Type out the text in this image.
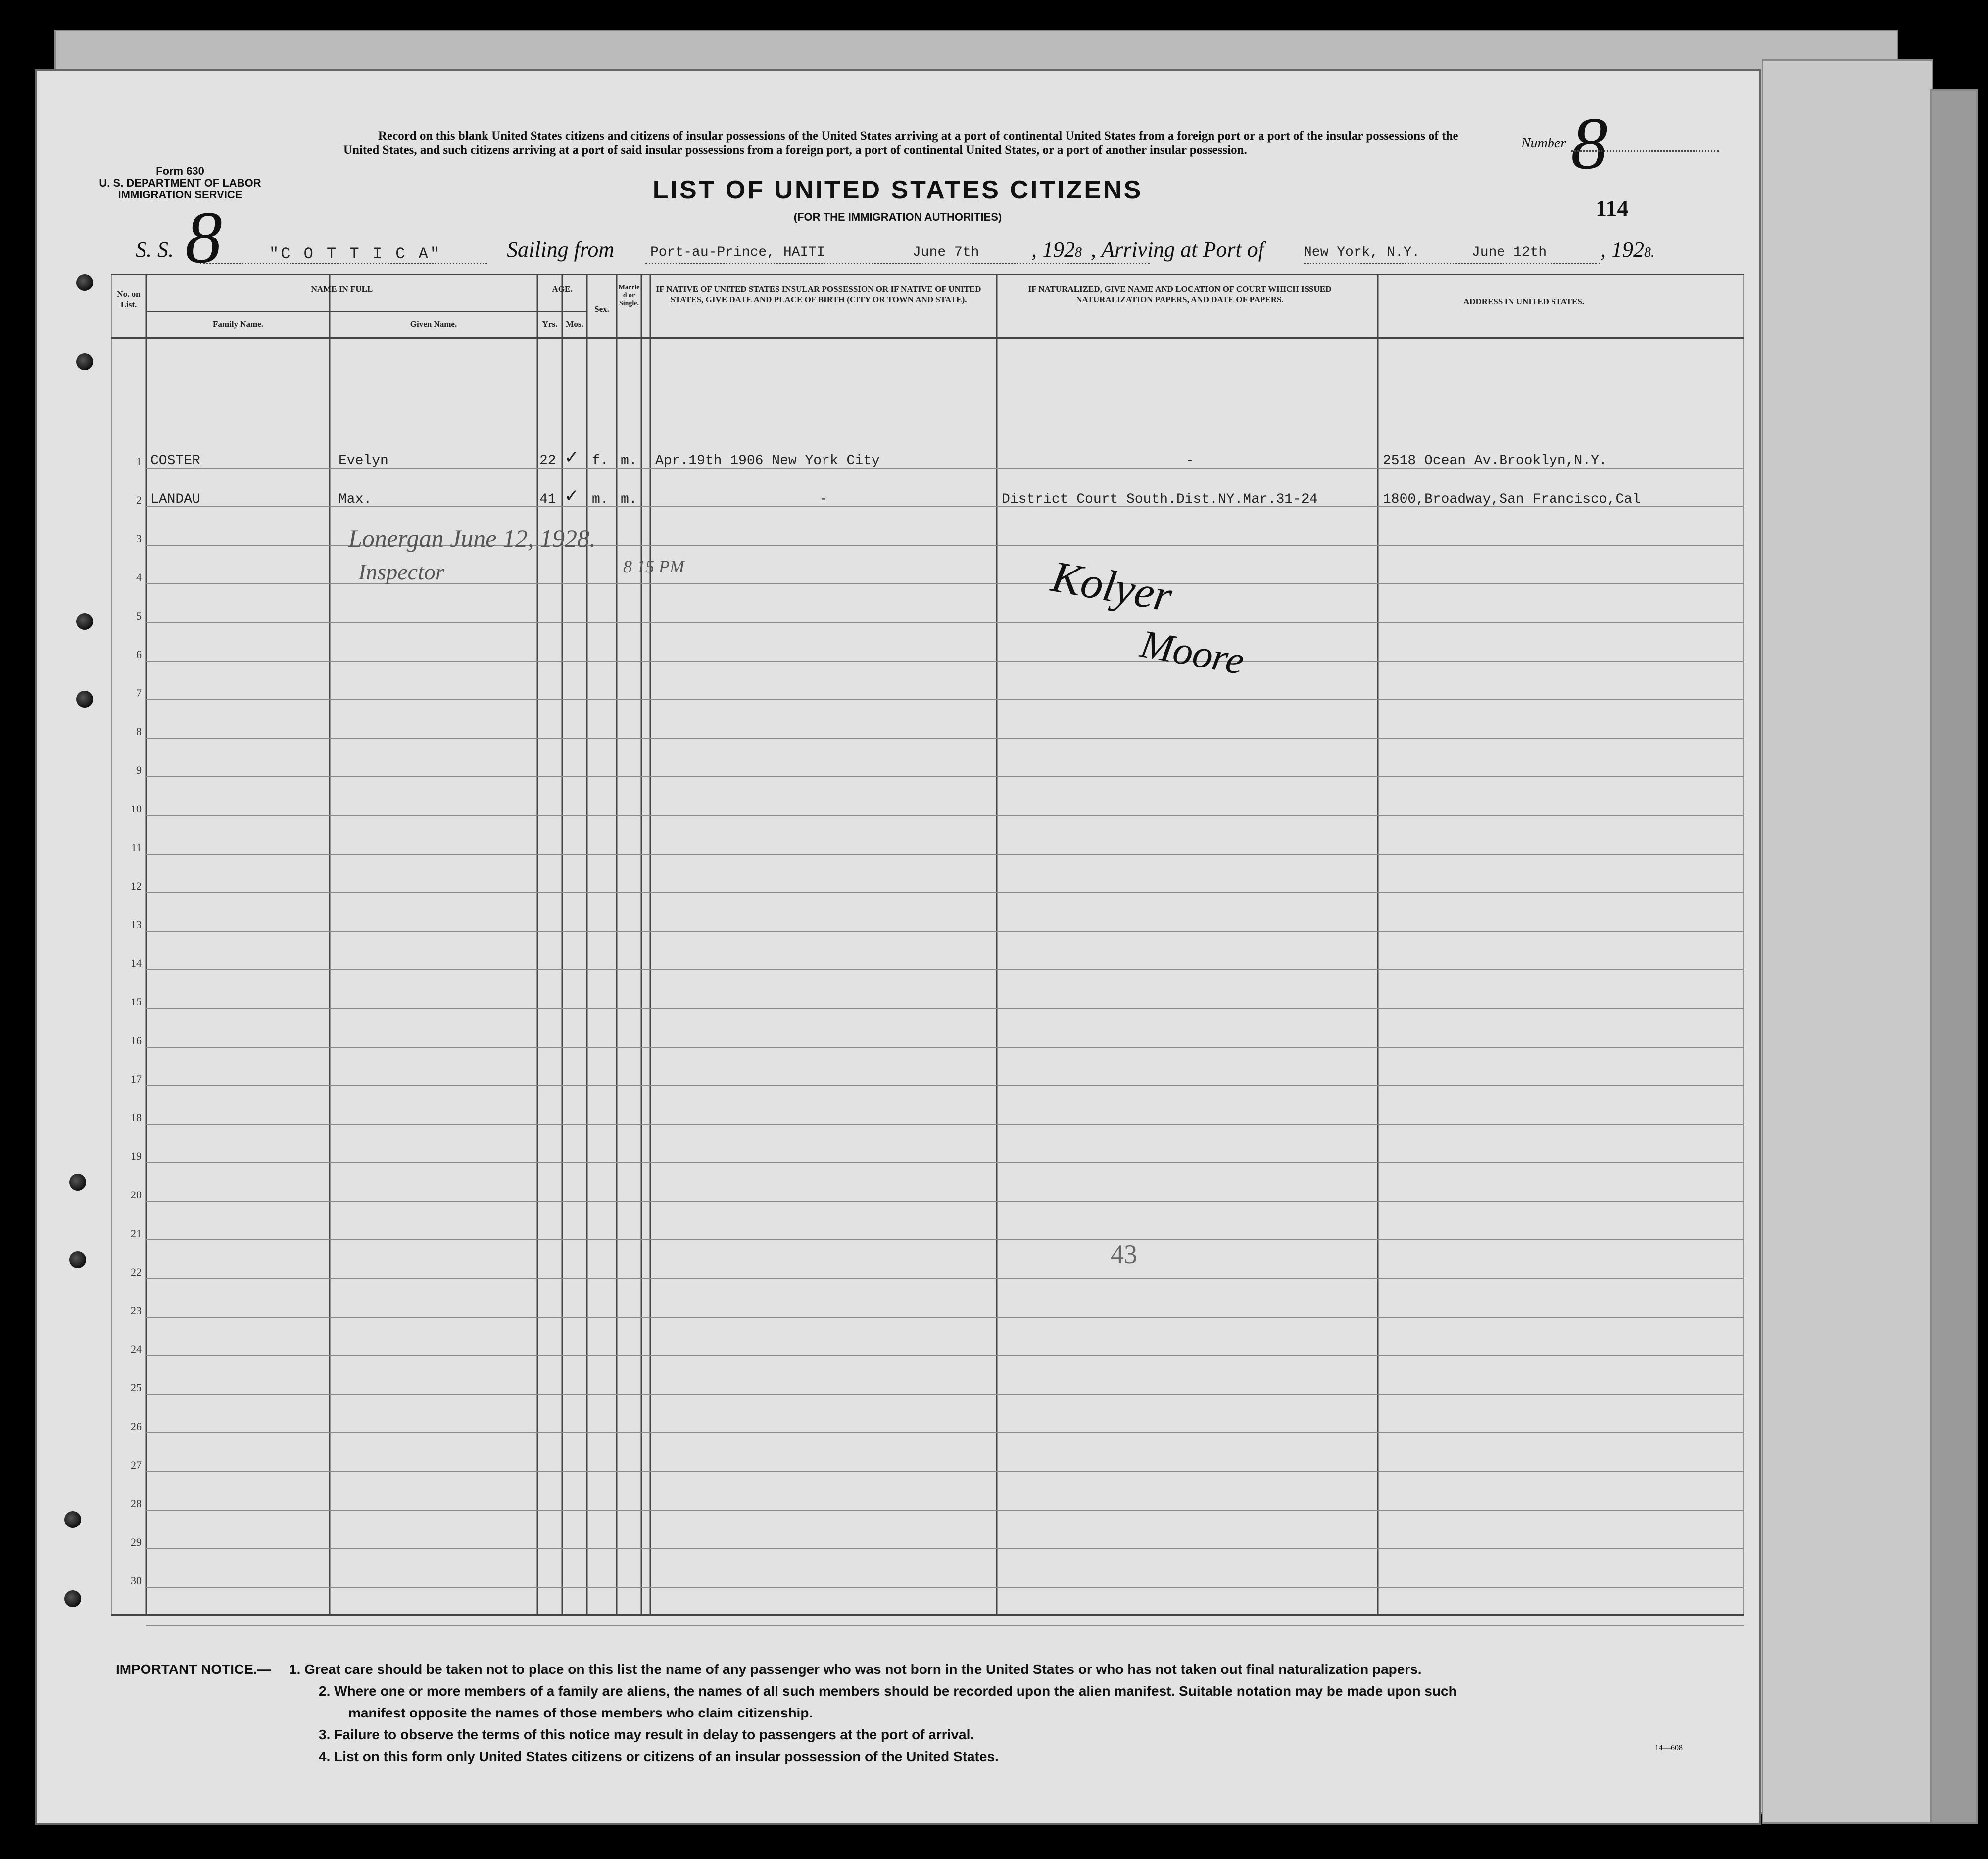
Form 630
U. S. DEPARTMENT OF LABOR
IMMIGRATION SERVICE
8
Record on this blank United States citizens and citizens of insular possessions of the United States arriving at a port of continental United States from a foreign port or a port of the insular possessions of the United States, and such citizens arriving at a port of said insular possessions from a foreign port, a port of continental United States, or a port of another insular possession.	Number 8
LIST OF UNITED STATES CITIZENS
(FOR THE IMMIGRATION AUTHORITIES)	114
S. S.	"C O T T I C A"	Sailing from	Port-au-Prince, HAITI	June 7th , 1928 , Arriving at Port of	New York, N.Y.	June 12th , 1928.
No. on List.
NAME IN FULL
Family Name.	Given Name.
AGE.
Yrs. Mos.
Sex.
Married or Single.
IF NATIVE OF UNITED STATES INSULAR POSSESSION OR IF NATIVE OF UNITED STATES, GIVE DATE AND PLACE OF BIRTH (CITY OR TOWN AND STATE).
IF NATURALIZED, GIVE NAME AND LOCATION OF COURT WHICH ISSUED NATURALIZATION PAPERS, AND DATE OF PAPERS.	ADDRESS IN UNITED STATES.
1 COSTER	Evelyn	22 ✓ f. m. Apr.19th 1906 New York City	-	2518 Ocean Av.Brooklyn,N.Y.
2 LANDAU	Max.	41 ✓ m. m.	-	District Court South.Dist.NY.Mar.31-24	1800,Broadway,San Francisco,Cal
3
4
5
6
7
8
9
10
11
12
13
14
15
16
17
18
19
20
21
22
23
24
25
26
27
28
29
30
Lonergan June 12, 1928.
Inspector	8 15 PM	Kolyer
Moore
43
IMPORTANT NOTICE.— 1. Great care should be taken not to place on this list the name of any passenger who was not born in the United States or who has not taken out final naturalization papers.
2. Where one or more members of a family are aliens, the names of all such members should be recorded upon the alien manifest. Suitable notation may be made upon such
manifest opposite the names of those members who claim citizenship.
3. Failure to observe the terms of this notice may result in delay to passengers at the port of arrival.
4. List on this form only United States citizens or citizens of an insular possession of the United States.
14—608
